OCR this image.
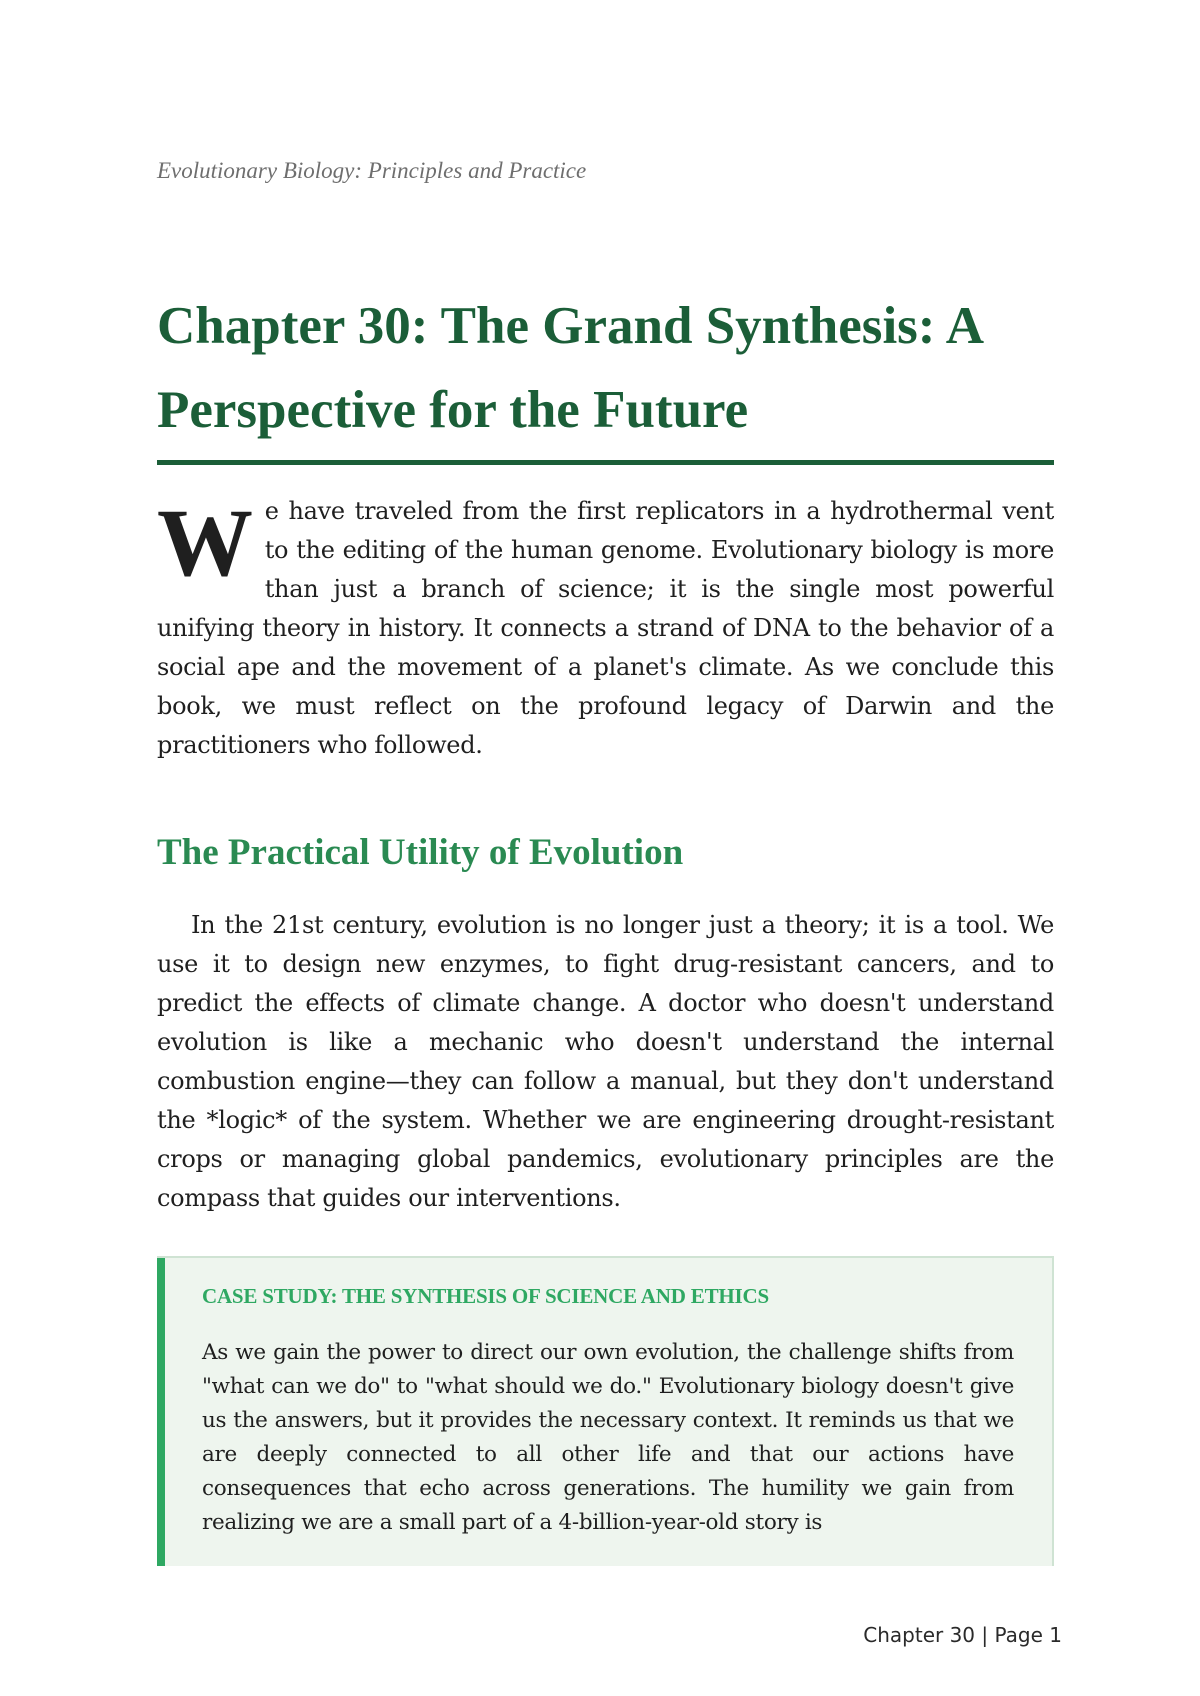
Evolutionary Biology: Principles and Practice
Chapter 30: The Grand Synthesis: A Perspective for the Future

We have traveled from the first replicators in a hydrothermal vent to the editing of the human genome. Evolutionary biology is more than just a branch of science; it is the single most powerful unifying theory in history. It connects a strand of DNA to the behavior of a social ape and the movement of a planet's climate. As we conclude this book, we must reflect on the profound legacy of Darwin and the practitioners who followed.

The Practical Utility of Evolution

In the 21st century, evolution is no longer just a theory; it is a tool. We use it to design new enzymes, to fight drug-resistant cancers, and to predict the effects of climate change. A doctor who doesn't understand evolution is like a mechanic who doesn't understand the internal combustion engine—they can follow a manual, but they don't understand the *logic* of the system. Whether we are engineering drought-resistant crops or managing global pandemics, evolutionary principles are the compass that guides our interventions.

CASE STUDY: THE SYNTHESIS OF SCIENCE AND ETHICS

As we gain the power to direct our own evolution, the challenge shifts from "what can we do" to "what should we do." Evolutionary biology doesn't give us the answers, but it provides the necessary context. It reminds us that we are deeply connected to all other life and that our actions have consequences that echo across generations. The humility we gain from realizing we are a small part of a 4-billion-year-old story is

Chapter 30 | Page 1
